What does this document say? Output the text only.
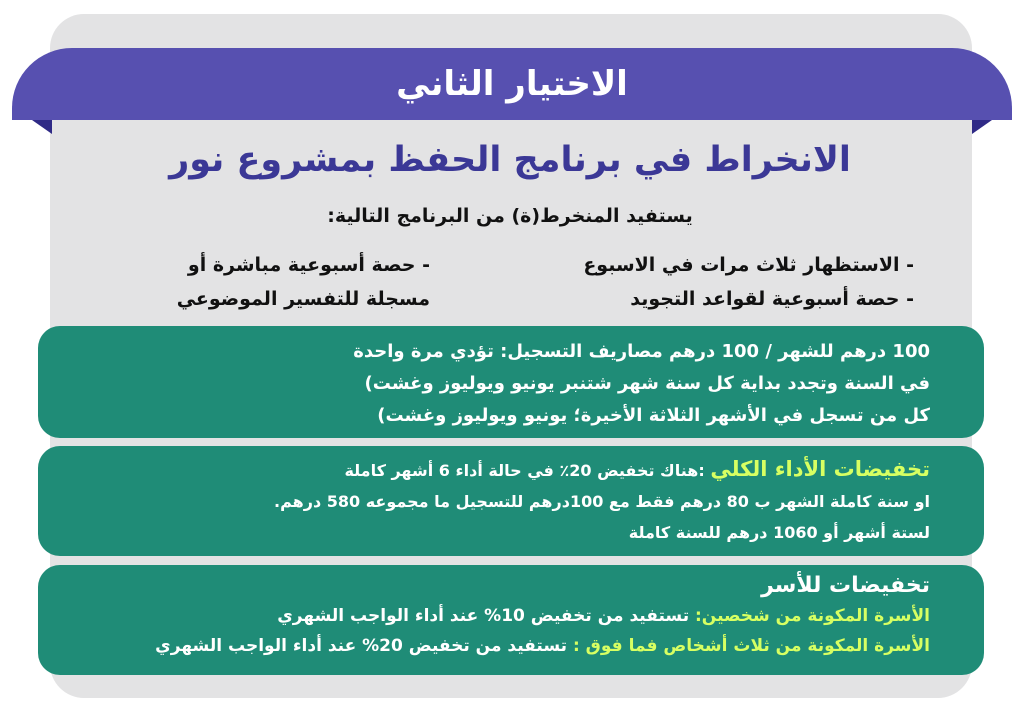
الاختيار الثاني
الانخراط في برنامج الحفظ بمشروع نور
يستفيد المنخرط(ة) من البرنامج التالية:
- الاستظهار ثلاث مرات في الاسبوع
- حصة أسبوعية لقواعد التجويد
- حصة أسبوعية مباشرة أو
مسجلة للتفسير الموضوعي
100 درهم للشهر / 100 درهم مصاريف التسجيل: تؤدي مرة واحدة
في السنة وتجدد بداية كل سنة شهر شتنبر يونيو ويوليوز وغشت)
كل من تسجل في الأشهر الثلاثة الأخيرة؛ يونيو ويوليوز وغشت)
تخفيضات الأداء الكلي :هناك تخفيض 20٪ في حالة أداء 6 أشهر كاملة
او سنة كاملة الشهر ب 80 درهم فقط مع 100درهم للتسجيل ما مجموعه 580 درهم.
لستة أشهر أو 1060 درهم للسنة كاملة
تخفيضات للأسر
الأسرة المكونة من شخصين: تستفيد من تخفيض 10% عند أداء الواجب الشهري
الأسرة المكونة من ثلاث أشخاص فما فوق : تستفيد من تخفيض 20% عند أداء الواجب الشهري
